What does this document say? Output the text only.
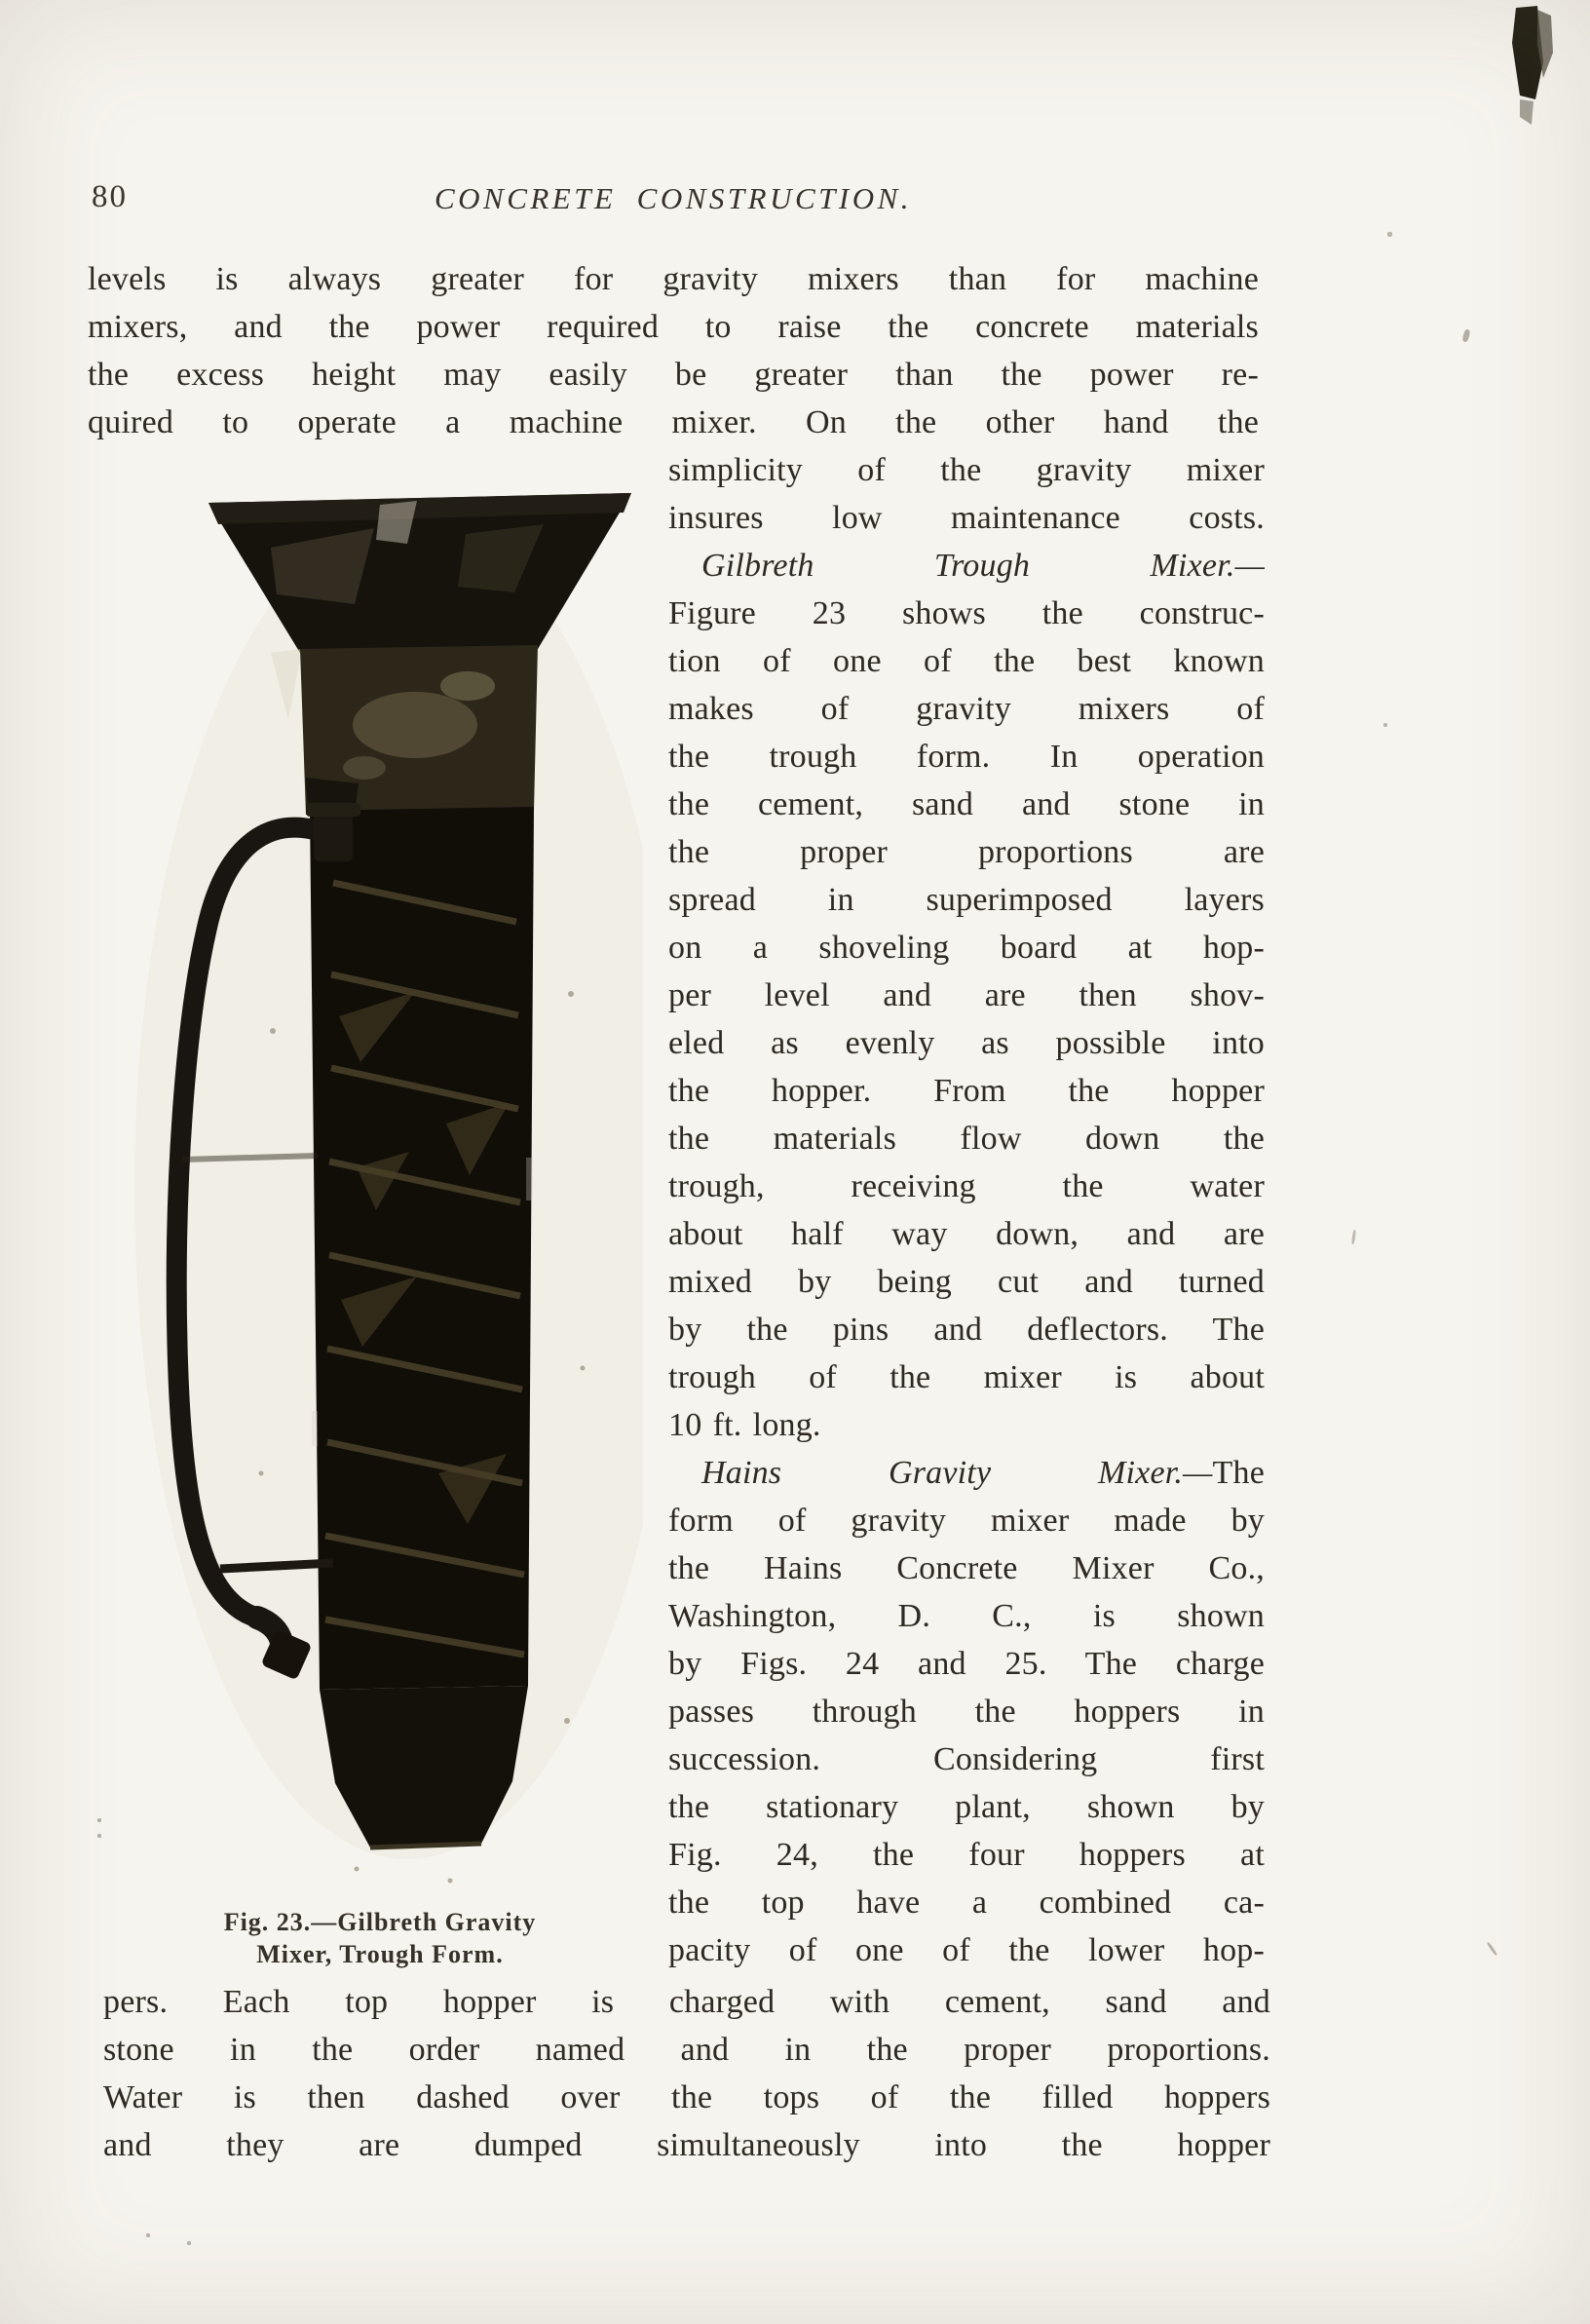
80	CONCRETE CONSTRUCTION.
levels is always greater for gravity mixers than for machine
mixers, and the power required to raise the concrete materials
the excess height may easily be greater than the power re-
quired to operate a machine mixer. On the other hand the
simplicity of the gravity mixer
insures low maintenance costs.
Gilbreth Trough Mixer.—
Figure 23 shows the construc-
tion of one of the best known
makes of gravity mixers of
the trough form. In operation
the cement, sand and stone in
the proper proportions are
spread in superimposed layers
on a shoveling board at hop-
per level and are then shov-
eled as evenly as possible into
the hopper. From the hopper
the materials flow down the
trough, receiving the water
about half way down, and are
mixed by being cut and turned
by the pins and deflectors. The
trough of the mixer is about
10 ft. long.
Hains Gravity Mixer.—The
form of gravity mixer made by
the Hains Concrete Mixer Co.,
Washington, D. C., is shown
by Figs. 24 and 25. The charge
passes through the hoppers in
succession. Considering first
the stationary plant, shown by
Fig. 24, the four hoppers at
the top have a combined ca-
pacity of one of the lower hop-
Fig. 23.—Gilbreth Gravity
Mixer, Trough Form.
pers. Each top hopper is charged with cement, sand and
stone in the order named and in the proper proportions.
Water is then dashed over the tops of the filled hoppers
and they are dumped simultaneously into the hopper
